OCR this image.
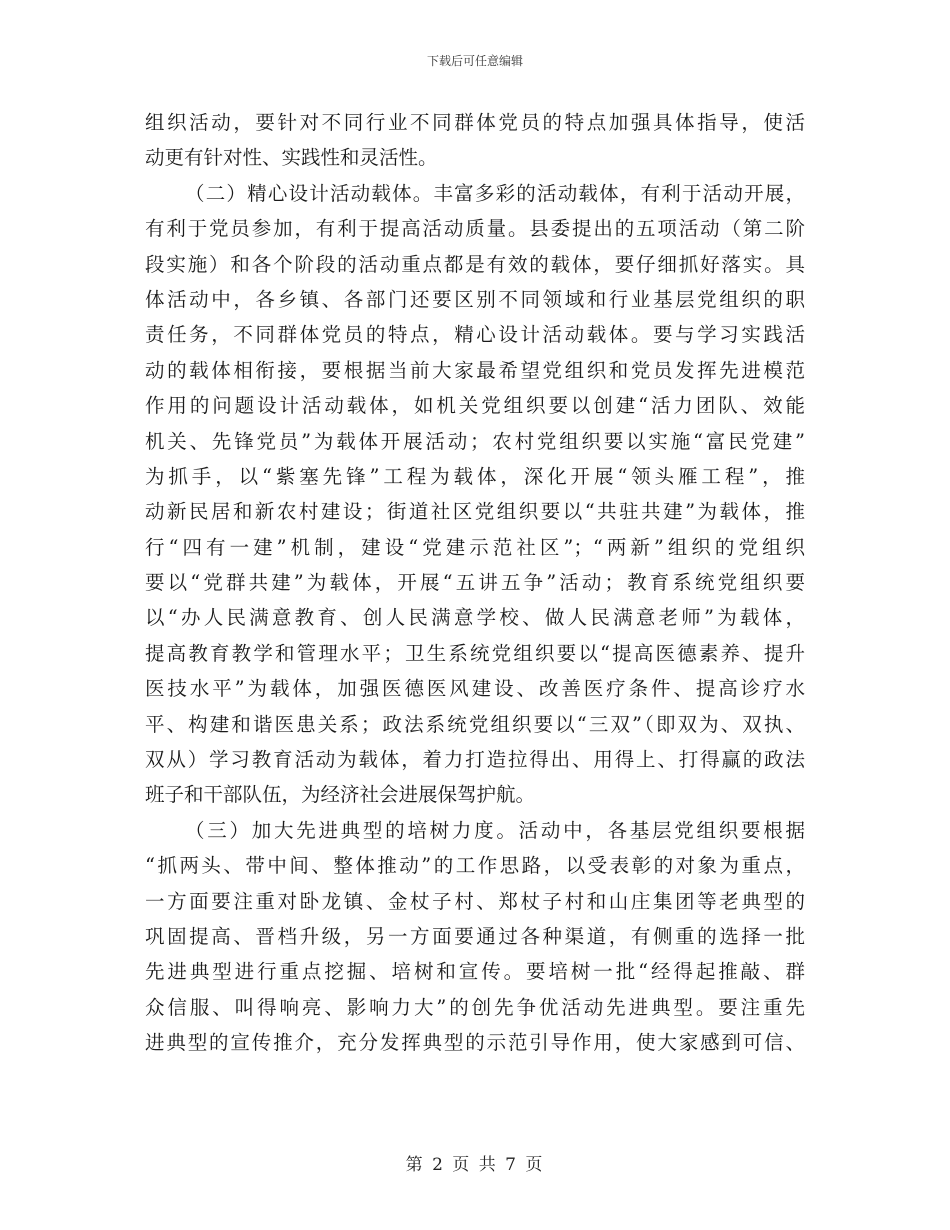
下载后可任意编辑
组织活动，要针对不同行业不同群体党员的特点加强具体指导，使活
动更有针对性、实践性和灵活性。
（二）精心设计活动载体。丰富多彩的活动载体，有利于活动开展，
有利于党员参加，有利于提高活动质量。县委提出的五项活动（第二阶
段实施）和各个阶段的活动重点都是有效的载体，要仔细抓好落实。具
体活动中，各乡镇、各部门还要区别不同领域和行业基层党组织的职
责任务，不同群体党员的特点，精心设计活动载体。要与学习实践活
动的载体相衔接，要根据当前大家最希望党组织和党员发挥先进模范
作用的问题设计活动载体，如机关党组织要以创建“活力团队、效能
机关、先锋党员”为载体开展活动；农村党组织要以实施“富民党建”
为抓手，以“紫塞先锋”工程为载体，深化开展“领头雁工程”，推
动新民居和新农村建设；街道社区党组织要以“共驻共建”为载体，推
行“四有一建”机制，建设“党建示范社区”；“两新”组织的党组织
要以“党群共建”为载体，开展“五讲五争”活动；教育系统党组织要
以“办人民满意教育、创人民满意学校、做人民满意老师”为载体，
提高教育教学和管理水平；卫生系统党组织要以“提高医德素养、提升
医技水平”为载体，加强医德医风建设、改善医疗条件、提高诊疗水
平、构建和谐医患关系；政法系统党组织要以“三双”（即双为、双执、
双从）学习教育活动为载体，着力打造拉得出、用得上、打得赢的政法
班子和干部队伍，为经济社会进展保驾护航。
（三）加大先进典型的培树力度。活动中，各基层党组织要根据
“抓两头、带中间、整体推动”的工作思路，以受表彰的对象为重点，
一方面要注重对卧龙镇、金杖子村、郑杖子村和山庄集团等老典型的
巩固提高、晋档升级，另一方面要通过各种渠道，有侧重的选择一批
先进典型进行重点挖掘、培树和宣传。要培树一批“经得起推敲、群
众信服、叫得响亮、影响力大”的创先争优活动先进典型。要注重先
进典型的宣传推介，充分发挥典型的示范引导作用，使大家感到可信、
第 2 页 共 7 页
